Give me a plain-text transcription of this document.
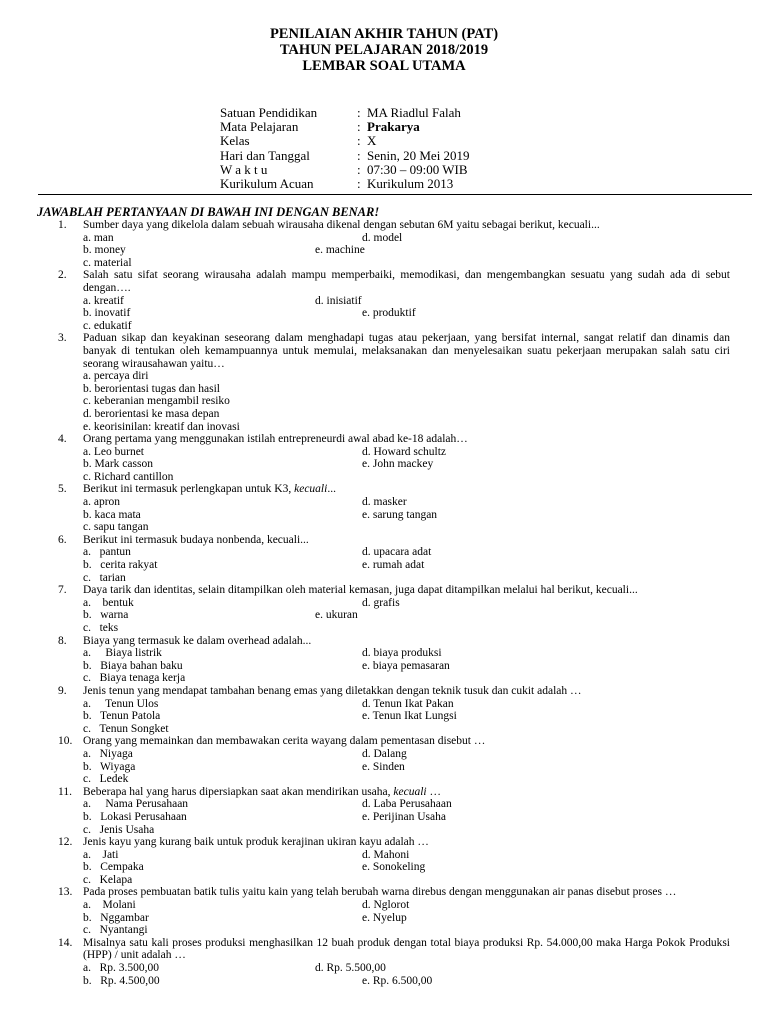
PENILAIAN AKHIR TAHUN (PAT)
TAHUN PELAJARAN 2018/2019
LEMBAR SOAL UTAMA
Satuan Pendidikan	: MA Riadlul Falah
Mata Pelajaran	: Prakarya
Kelas	: X
Hari dan Tanggal	: Senin, 20 Mei 2019
W a k t u	: 07:30 – 09:00 WIB
Kurikulum Acuan	: Kurikulum 2013
JAWABLAH PERTANYAAN DI BAWAH INI DENGAN BENAR!
1. Sumber daya yang dikelola dalam sebuah wirausaha dikenal dengan sebutan 6M yaitu sebagai berikut, kecuali...
a. man	d. model
b. money	e. machine
c. material
2. Salah satu sifat seorang wirausaha adalah mampu memperbaiki, memodikasi, dan mengembangkan sesuatu yang sudah ada di sebut dengan….
a. kreatif	d. inisiatif
b. inovatif	e. produktif
c. edukatif
3. Paduan sikap dan keyakinan seseorang dalam menghadapi tugas atau pekerjaan, yang bersifat internal, sangat relatif dan dinamis dan banyak di tentukan oleh kemampuannya untuk memulai, melaksanakan dan menyelesaikan suatu pekerjaan merupakan salah satu ciri seorang wirausahawan yaitu…
a. percaya diri
b. berorientasi tugas dan hasil
c. keberanian mengambil resiko
d. berorientasi ke masa depan
e. keorisinilan: kreatif dan inovasi
4. Orang pertama yang menggunakan istilah entrepreneurdi awal abad ke-18 adalah…
a. Leo burnet	d. Howard schultz
b. Mark casson	e. John mackey
c. Richard cantillon
5. Berikut ini termasuk perlengkapan untuk K3, kecuali...
a. apron	d. masker
b. kaca mata	e. sarung tangan
c. sapu tangan
6. Berikut ini termasuk budaya nonbenda, kecuali...
a.   pantun	d. upacara adat
b.   cerita rakyat	e. rumah adat
c.   tarian
7. Daya tarik dan identitas, selain ditampilkan oleh material kemasan, juga dapat ditampilkan melalui hal berikut, kecuali...
a.    bentuk	d. grafis
b.   warna	e. ukuran
c.   teks
8. Biaya yang termasuk ke dalam overhead adalah...
a.     Biaya listrik	d. biaya produksi
b.   Biaya bahan baku	e. biaya pemasaran
c.   Biaya tenaga kerja
9. Jenis tenun yang mendapat tambahan benang emas yang diletakkan dengan teknik tusuk dan cukit adalah …
a.     Tenun Ulos	d. Tenun Ikat Pakan
b.   Tenun Patola	e. Tenun Ikat Lungsi
c.   Tenun Songket
10. Orang yang memainkan dan membawakan cerita wayang dalam pementasan disebut …
a.   Niyaga	d. Dalang
b.   Wiyaga	e. Sinden
c.   Ledek
11. Beberapa hal yang harus dipersiapkan saat akan mendirikan usaha, kecuali …
a.     Nama Perusahaan	d. Laba Perusahaan
b.   Lokasi Perusahaan	e. Perijinan Usaha
c.   Jenis Usaha
12. Jenis kayu yang kurang baik untuk produk kerajinan ukiran kayu adalah …
a.    Jati	d. Mahoni
b.   Cempaka	e. Sonokeling
c.   Kelapa
13. Pada proses pembuatan batik tulis yaitu kain yang telah berubah warna direbus dengan menggunakan air panas disebut proses …
a.    Molani	d. Nglorot
b.   Nggambar	e. Nyelup
c.   Nyantangi
14. Misalnya satu kali proses produksi menghasilkan 12 buah produk dengan total biaya produksi Rp. 54.000,00 maka Harga Pokok Produksi (HPP) / unit adalah …
a.   Rp. 3.500,00	d. Rp. 5.500,00
b.   Rp. 4.500,00	e. Rp. 6.500,00
